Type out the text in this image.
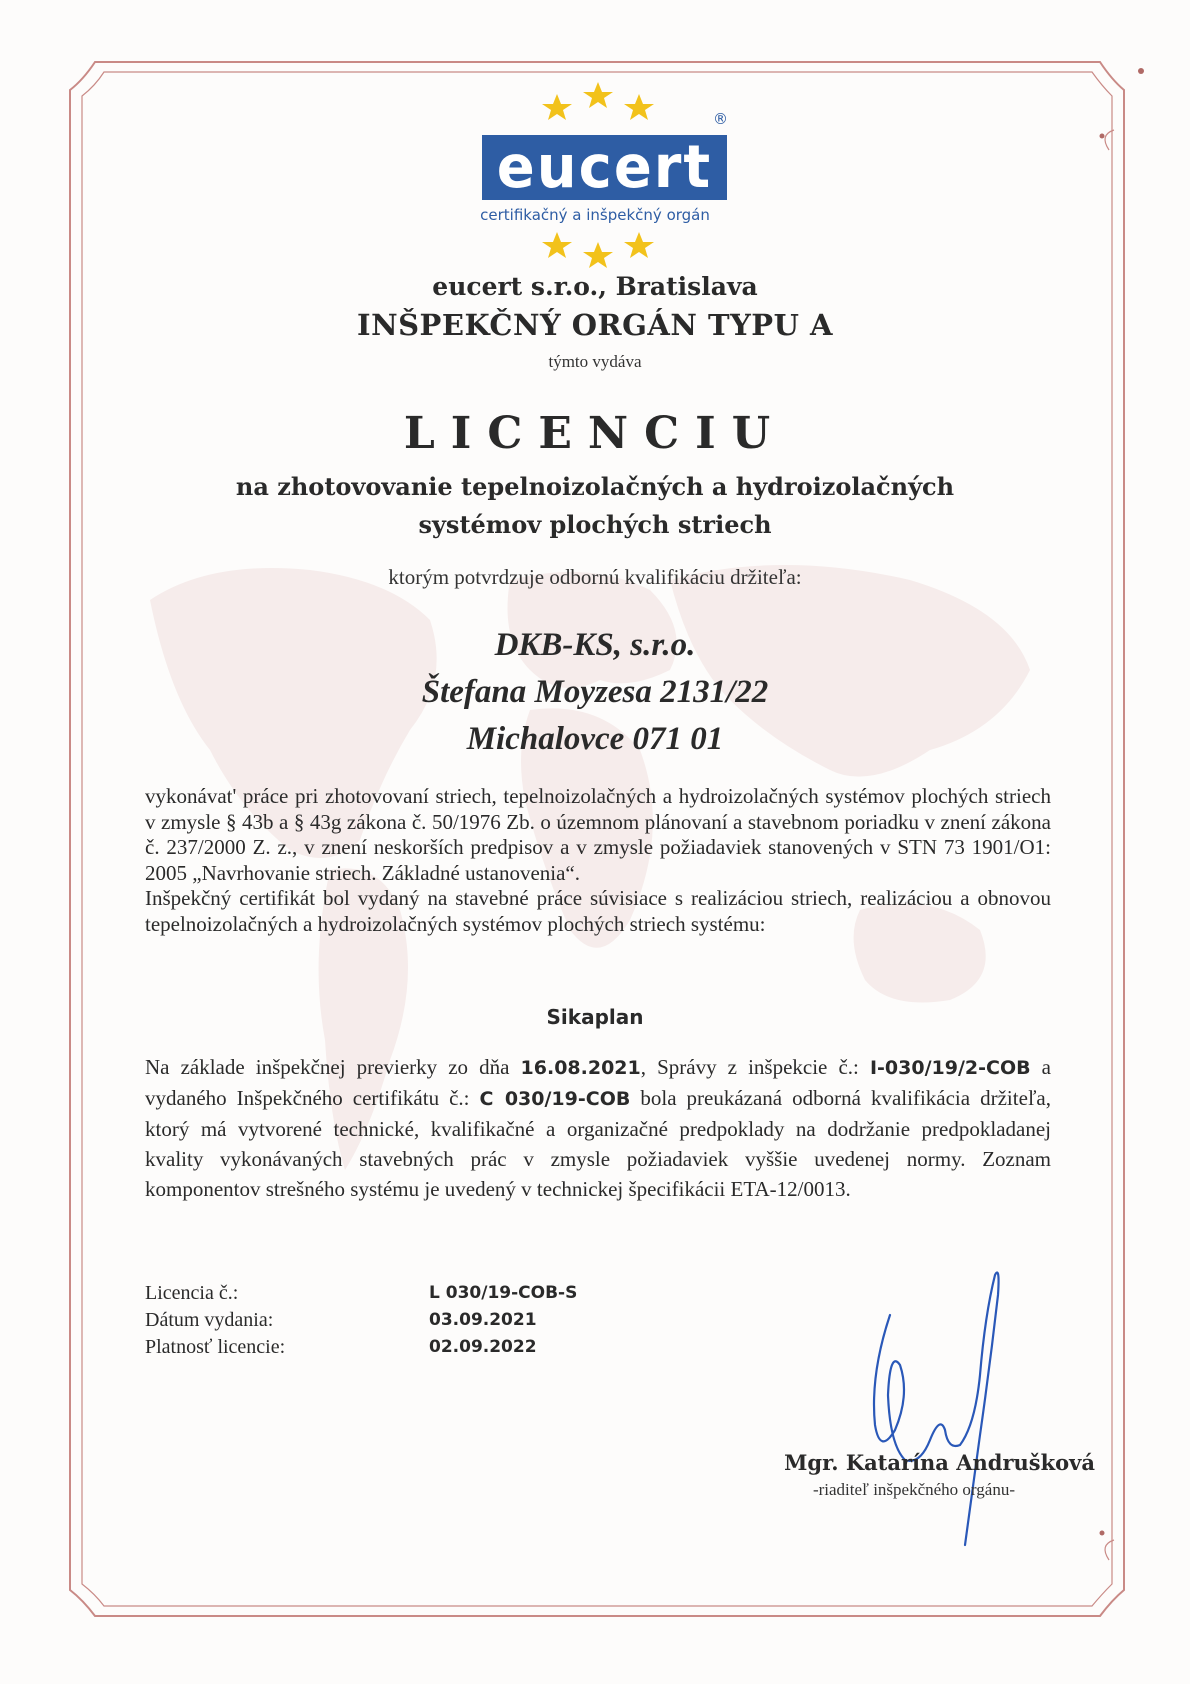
®
eucert
certifikačný a inšpekčný orgán
eucert s.r.o., Bratislava
INŠPEKČNÝ ORGÁN TYPU A
týmto vydáva
LICENCIU
na zhotovovanie tepelnoizolačných a hydroizolačných
systémov plochých striech
ktorým potvrdzuje odbornú kvalifikáciu držiteľa:
DKB-KS, s.r.o.
Štefana Moyzesa 2131/22
Michalovce 071 01
vykonávat' práce pri zhotovovaní striech, tepelnoizolačných a hydroizolačných systémov plochých striech v zmysle § 43b a § 43g zákona č. 50/1976 Zb. o územnom plánovaní a stavebnom poriadku v znení zákona č. 237/2000 Z. z., v znení neskorších predpisov a v zmysle požiadaviek stanovených v STN 73 1901/O1: 2005 „Navrhovanie striech. Základné ustanovenia“.
Inšpekčný certifikát bol vydaný na stavebné práce súvisiace s realizáciou striech, realizáciou a obnovou tepelnoizolačných a hydroizolačných systémov plochých striech systému:
Sikaplan
Na základe inšpekčnej previerky zo dňa 16.08.2021, Správy z inšpekcie č.: I-030/19/2-COB a vydaného Inšpekčného certifikátu č.: C 030/19-COB bola preukázaná odborná kvalifikácia držiteľa, ktorý má vytvorené technické, kvalifikačné a organizačné predpoklady na dodržanie predpokladanej kvality vykonávaných stavebných prác v zmysle požiadaviek vyššie uvedenej normy. Zoznam komponentov strešného systému je uvedený v technickej špecifikácii ETA-12/0013.
Licencia č.:	L 030/19-COB-S
Dátum vydania:	03.09.2021
Platnosť licencie:	02.09.2022
Mgr. Katarína Andrušková
-riaditeľ inšpekčného orgánu-
